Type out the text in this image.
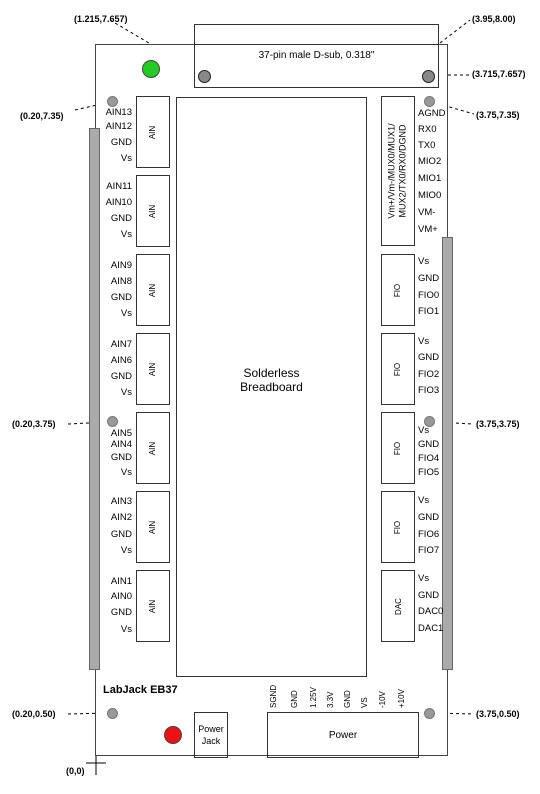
37-pin male D-sub, 0.318"
(1.215,7.657)	(3.95,8.00)
(3.715,7.657)
(0.20,7.35)	(3.75,7.35)
(0.20,3.75)	(3.75,3.75)
(0.20,0.50)	(3.75,0.50)
(0,0)
Solderless
Breadboard
AIN
AIN
AIN
AIN
AIN
AIN
AIN
AIN13
AIN12
GND
Vs
AIN11
AIN10
GND
Vs
AIN9
AIN8
GND
Vs
AIN7
AIN6
GND
Vs
AIN5
AIN4
GND
Vs
AIN3
AIN2
GND
Vs
AIN1
AIN0
GND
Vs
Vm+/Vm-/MUX0/MUX1/ MUX2/TX0/RX0/DGND
AGND
RX0
TX0
MIO2
MIO1
MIO0
VM-
VM+
FIO
FIO
FIO
FIO
DAC
Vs
GND
FIO0
FIO1
Vs
GND
FIO2
FIO3
Vs
GND
FIO4
FIO5
Vs
GND
FIO6
FIO7
Vs
GND
DAC0
DAC1
LabJack EB37
Power
Jack	Power
SGND GND 1.25V 3.3V GND VS -10V +10V
